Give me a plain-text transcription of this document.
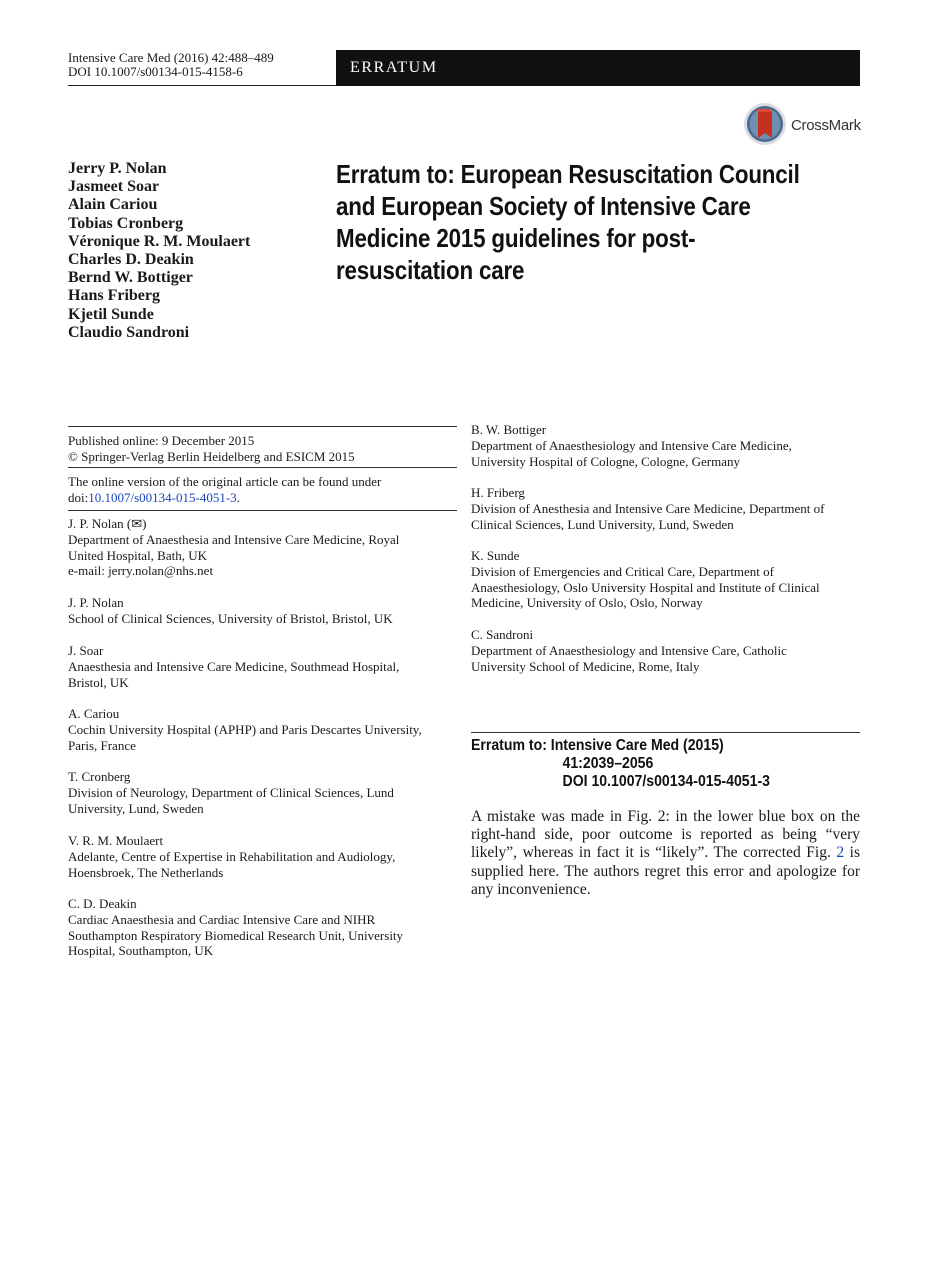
Intensive Care Med (2016) 42:488–489
DOI 10.1007/s00134-015-4158-6	ERRATUM
CrossMark
Jerry P. Nolan
Jasmeet Soar
Alain Cariou
Tobias Cronberg
Véronique R. M. Moulaert
Charles D. Deakin
Bernd W. Bottiger
Hans Friberg
Kjetil Sunde
Claudio Sandroni
Erratum to: European Resuscitation Council
and European Society of Intensive Care
Medicine 2015 guidelines for post-
resuscitation care
Published online: 9 December 2015
© Springer-Verlag Berlin Heidelberg and ESICM 2015
The online version of the original article can be found under
doi:10.1007/s00134-015-4051-3.
J. P. Nolan (✉)
Department of Anaesthesia and Intensive Care Medicine, Royal
United Hospital, Bath, UK
e-mail: jerry.nolan@nhs.net
J. P. Nolan
School of Clinical Sciences, University of Bristol, Bristol, UK
J. Soar
Anaesthesia and Intensive Care Medicine, Southmead Hospital,
Bristol, UK
A. Cariou
Cochin University Hospital (APHP) and Paris Descartes University,
Paris, France
T. Cronberg
Division of Neurology, Department of Clinical Sciences, Lund
University, Lund, Sweden
V. R. M. Moulaert
Adelante, Centre of Expertise in Rehabilitation and Audiology,
Hoensbroek, The Netherlands
C. D. Deakin
Cardiac Anaesthesia and Cardiac Intensive Care and NIHR
Southampton Respiratory Biomedical Research Unit, University
Hospital, Southampton, UK
B. W. Bottiger
Department of Anaesthesiology and Intensive Care Medicine,
University Hospital of Cologne, Cologne, Germany
H. Friberg
Division of Anesthesia and Intensive Care Medicine, Department of
Clinical Sciences, Lund University, Lund, Sweden
K. Sunde
Division of Emergencies and Critical Care, Department of
Anaesthesiology, Oslo University Hospital and Institute of Clinical
Medicine, University of Oslo, Oslo, Norway
C. Sandroni
Department of Anaesthesiology and Intensive Care, Catholic
University School of Medicine, Rome, Italy
Erratum to: Intensive Care Med (2015)
41:2039–2056
DOI 10.1007/s00134-015-4051-3
A mistake was made in Fig. 2: in the lower blue box on the right-hand side, poor outcome is reported as being “very likely”, whereas in fact it is “likely”. The corrected Fig. 2 is supplied here. The authors regret this error and apologize for any inconvenience.
